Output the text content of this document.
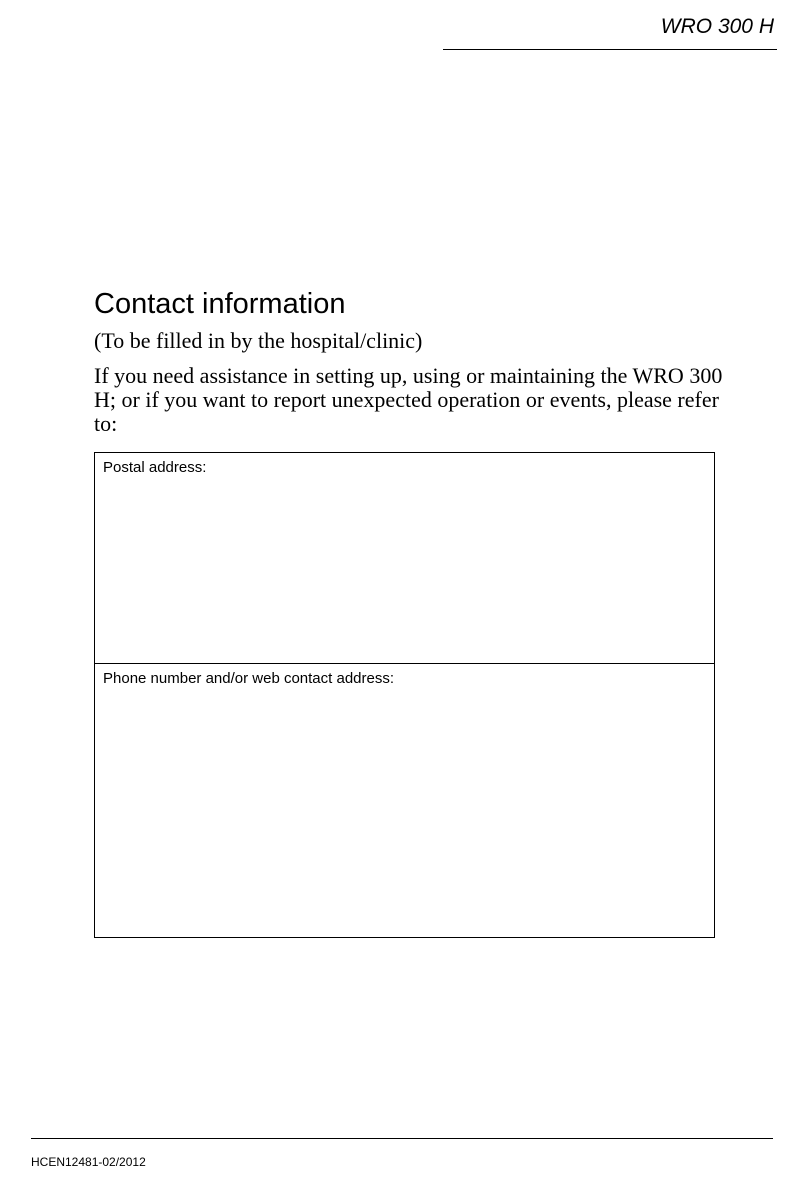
WRO 300 H
Contact information
(To be filled in by the hospital/clinic)

If you need assistance in setting up, using or maintaining the WRO 300 H; or if you want to report unexpected operation or events, please refer to:

Postal address:
Phone number and/or web contact address:
HCEN12481-02/2012
